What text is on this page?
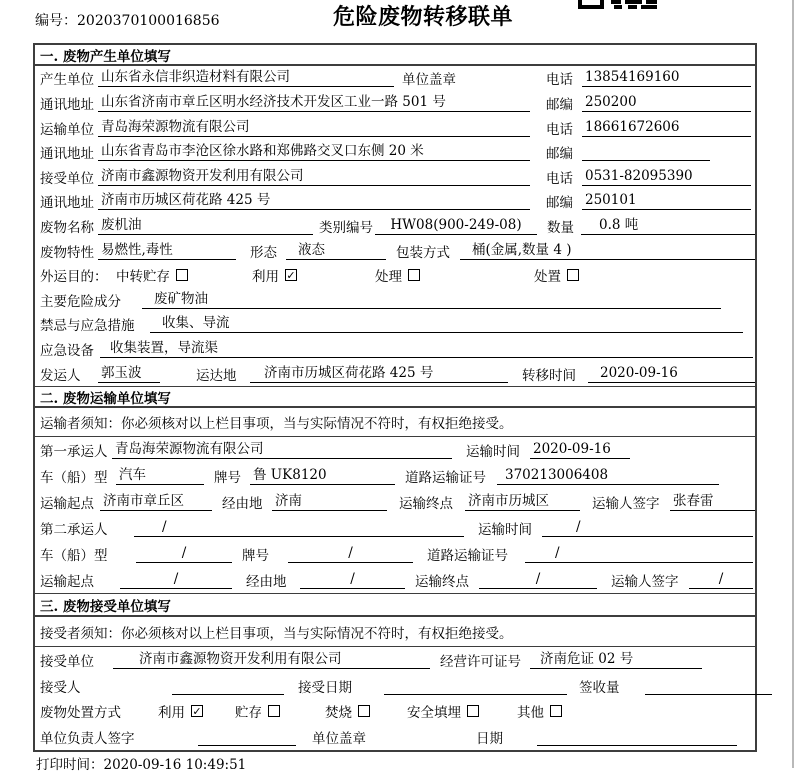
编号：2020370100016856	危险废物转移联单
一. 废物产生单位填写
产生单位 山东省永信非织造材料有限公司	单位盖章	电话 13854169160
通讯地址 山东省济南市章丘区明水经济技术开发区工业一路 501 号	邮编 250200
运输单位 青岛海荣源物流有限公司	电话 18661672606
通讯地址 山东省青岛市李沧区徐水路和郑佛路交叉口东侧 20 米	邮编
接受单位 济南市鑫源物资开发利用有限公司	电话 0531-82095390
通讯地址 济南市历城区荷花路 425 号	邮编 250101
废物名称 废机油	类别编号	HW08(900-249-08)	数量	0.8 吨
废物特性 易燃性,毒性	形态	液态	包装方式	桶(金属,数量 4 )
外运目的： 中转贮存	利用 ✓	处理	处置
主要危险成分	废矿物油
禁忌与应急措施	收集、导流
应急设备	收集装置，导流渠
发运人	郭玉波	运达地	济南市历城区荷花路 425 号	转移时间	2020-09-16
二. 废物运输单位填写
运输者须知：你必须核对以上栏目事项，当与实际情况不符时，有权拒绝接受。
第一承运人 青岛海荣源物流有限公司	运输时间 2020-09-16
车（船）型 汽车	牌号 鲁 UK8120	道路运输证号	370213006408
运输起点 济南市章丘区	经由地 济南	运输终点 济南市历城区	运输人签字 张春雷
第二承运人	/	运输时间	/
车（船）型	/	牌号	/	道路运输证号	/
运输起点	/	经由地	/	运输终点	/	运输人签字	/
三. 废物接受单位填写
接受者须知：你必须核对以上栏目事项，当与实际情况不符时，有权拒绝接受。
接受单位	济南市鑫源物资开发利用有限公司	经营许可证号	济南危证 02 号
接受人	接受日期	签收量
废物处置方式	利用 ✓ 贮存	焚烧	安全填埋	其他
单位负责人签字	单位盖章	日期
打印时间：2020-09-16 10:49:51
